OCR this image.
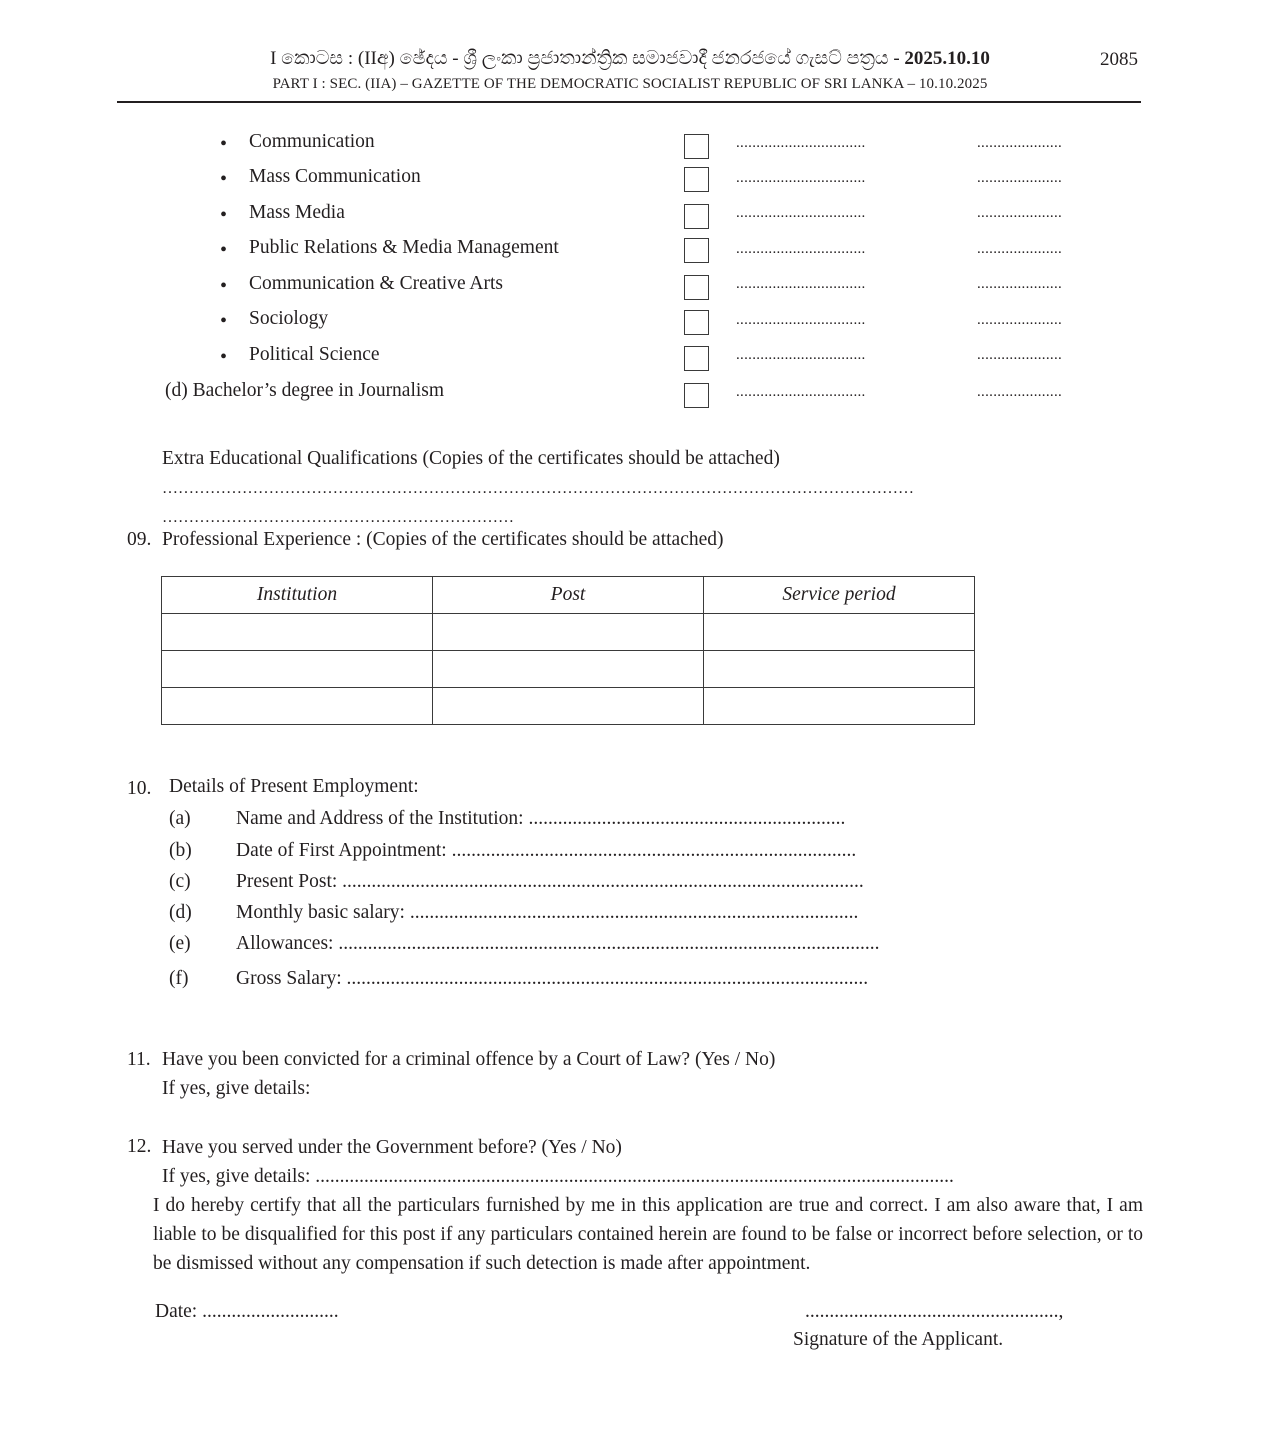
I කොටස : (IIඅ) ඡේදය - ශ්‍රී ලංකා ප්‍රජාතාන්ත්‍රික සමාජවාදී ජනරජයේ ගැසට් පත්‍රය - 2025.10.10
PART I : SEC. (IIA) – GAZETTE OF THE DEMOCRATIC SOCIALIST REPUBLIC OF SRI LANKA – 10.10.2025
2085
• Communication	................................	.....................
• Mass Communication	................................	.....................
• Mass Media	................................	.....................
• Public Relations & Media Management	................................	.....................
• Communication & Creative Arts	................................	.....................
• Sociology	................................	.....................
• Political Science	................................	.....................
(d) Bachelor’s degree in Journalism	................................	.....................
Extra Educational Qualifications (Copies of the certificates should be attached)
……………………………………………………………………………………………………………………………
…………………………………………………………
09. Professional Experience : (Copies of the certificates should be attached)
Institution	Post	Service period

10. Details of Present Employment:
(a) Name and Address of the Institution: .................................................................
(b) Date of First Appointment: ...................................................................................
(c) Present Post: ...........................................................................................................
(d) Monthly basic salary: ............................................................................................
(e) Allowances: ...............................................................................................................
(f) Gross Salary: ...........................................................................................................
11. Have you been convicted for a criminal offence by a Court of Law? (Yes / No)
If yes, give details:
12. Have you served under the Government before? (Yes / No)
If yes, give details: ...................................................................................................................................
I do hereby certify that all the particulars furnished by me in this application are true and correct. I am also aware that, I am liable to be disqualified for this post if any particulars contained herein are found to be false or incorrect before selection, or to be dismissed without any compensation if such detection is made after appointment.
Date: ............................	....................................................,
Signature of the Applicant.
